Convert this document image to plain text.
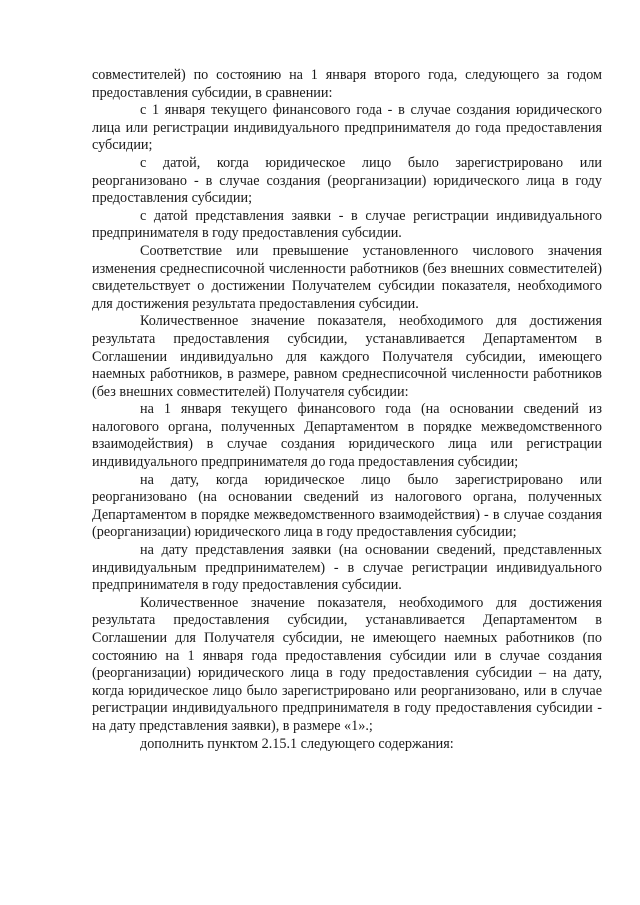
совместителей) по состоянию на 1 января второго года, следующего за годом предоставления субсидии, в сравнении:

с 1 января текущего финансового года - в случае создания юридического лица или регистрации индивидуального предпринимателя до года предоставления субсидии;

с датой, когда юридическое лицо было зарегистрировано или реорганизовано - в случае создания (реорганизации) юридического лица в году предоставления субсидии;

с датой представления заявки - в случае регистрации индивидуального предпринимателя в году предоставления субсидии.

Соответствие или превышение установленного числового значения изменения среднесписочной численности работников (без внешних совместителей) свидетельствует о достижении Получателем субсидии показателя, необходимого для достижения результата предоставления субсидии.

Количественное значение показателя, необходимого для достижения результата предоставления субсидии, устанавливается Департаментом в Соглашении индивидуально для каждого Получателя субсидии, имеющего наемных работников, в размере, равном среднесписочной численности работников (без внешних совместителей) Получателя субсидии:

на 1 января текущего финансового года (на основании сведений из налогового органа, полученных Департаментом в порядке межведомственного взаимодействия) в случае создания юридического лица или регистрации индивидуального предпринимателя до года предоставления субсидии;

на дату, когда юридическое лицо было зарегистрировано или реорганизовано (на основании сведений из налогового органа, полученных Департаментом в порядке межведомственного взаимодействия) - в случае создания (реорганизации) юридического лица в году предоставления субсидии;

на дату представления заявки (на основании сведений, представленных индивидуальным предпринимателем) - в случае регистрации индивидуального предпринимателя в году предоставления субсидии.

Количественное значение показателя, необходимого для достижения результата предоставления субсидии, устанавливается Департаментом в Соглашении для Получателя субсидии, не имеющего наемных работников (по состоянию на 1 января года предоставления субсидии или в случае создания (реорганизации) юридического лица в году предоставления субсидии – на дату, когда юридическое лицо было зарегистрировано или реорганизовано, или в случае регистрации индивидуального предпринимателя в году предоставления субсидии - на дату представления заявки), в размере «1».;

дополнить пунктом 2.15.1 следующего содержания:
